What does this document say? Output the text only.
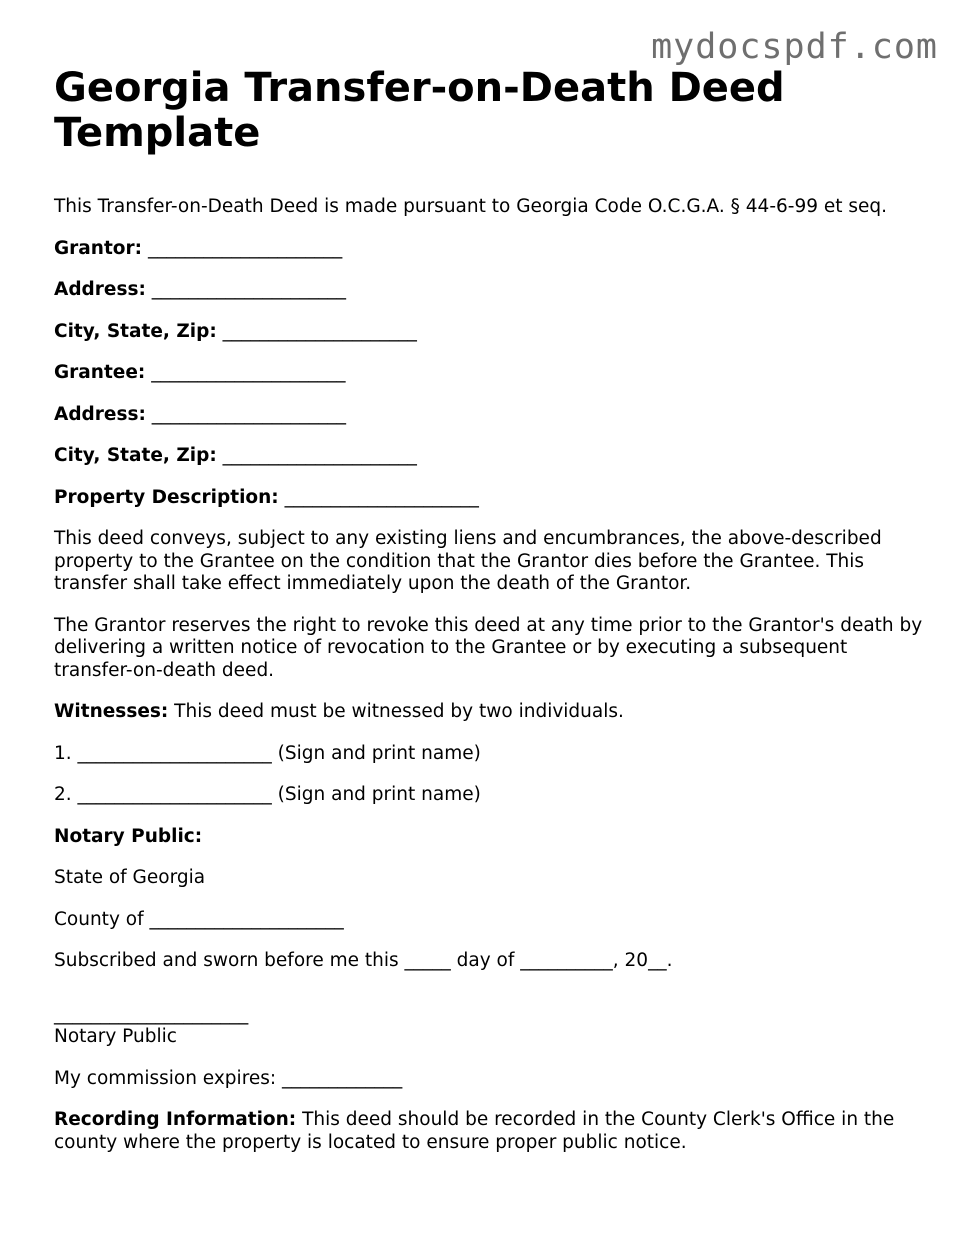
mydocspdf.com
Georgia Transfer-on-Death Deed Template

This Transfer-on-Death Deed is made pursuant to Georgia Code O.C.G.A. § 44-6-99 et seq.

Grantor: _____________________

Address: _____________________

City, State, Zip: _____________________

Grantee: _____________________

Address: _____________________

City, State, Zip: _____________________

Property Description: _____________________

This deed conveys, subject to any existing liens and encumbrances, the above-described property to the Grantee on the condition that the Grantor dies before the Grantee. This transfer shall take effect immediately upon the death of the Grantor.

The Grantor reserves the right to revoke this deed at any time prior to the Grantor's death by delivering a written notice of revocation to the Grantee or by executing a subsequent transfer-on-death deed.

Witnesses: This deed must be witnessed by two individuals.

1. _____________________ (Sign and print name)

2. _____________________ (Sign and print name)

Notary Public:

State of Georgia

County of _____________________

Subscribed and sworn before me this _____ day of __________, 20__.

_____________________

Notary Public

My commission expires: _____________

Recording Information: This deed should be recorded in the County Clerk's Office in the county where the property is located to ensure proper public notice.
